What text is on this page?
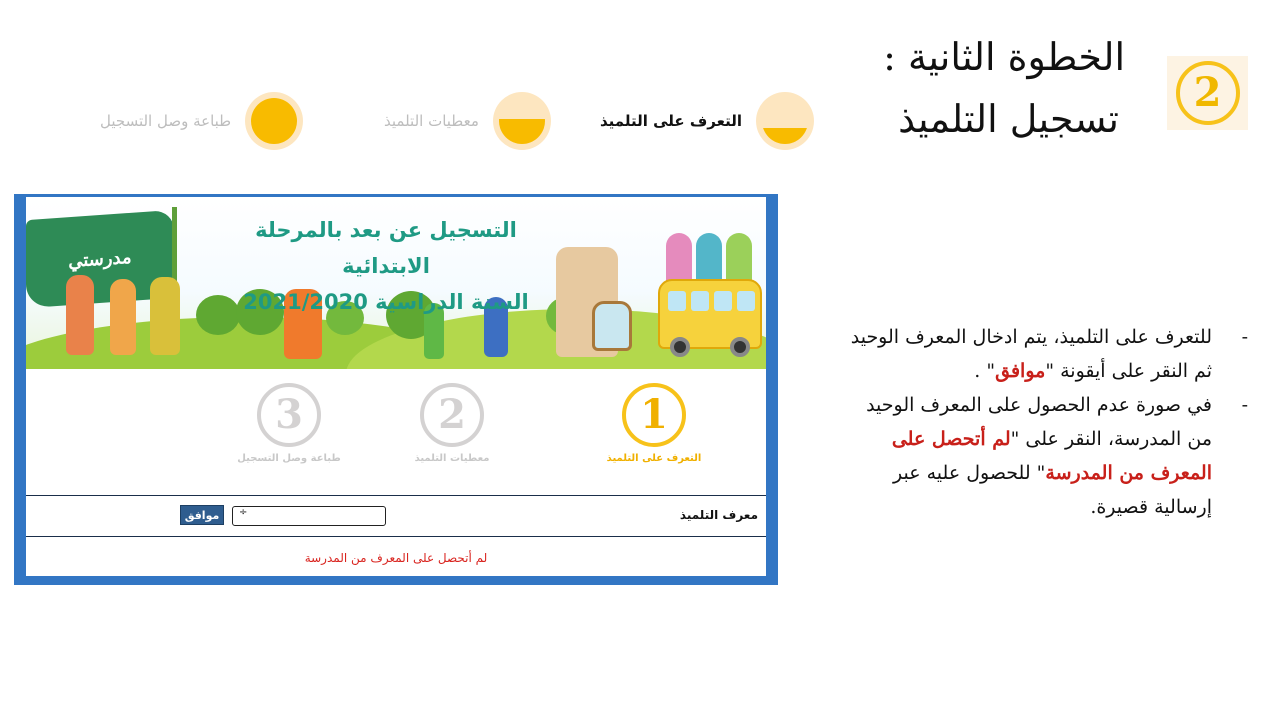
2
الخطوة الثانية :
تسجيل التلميذ
التعرف على التلميذ
معطيات التلميذ
طباعة وصل التسجيل
مدرستي
التسجيل عن بعد بالمرحلة الابتدائية
السنة الدراسية 2021/2020
1
التعرف على التلميذ
2
معطيات التلميذ
3
طباعة وصل التسجيل
معرف التلميذ
÷
موافق
لم أتحصل على المعرف من المدرسة
- للتعرف على التلميذ، يتم ادخال المعرف الوحيد ثم النقر على أيقونة "موافق" .
- في صورة عدم الحصول على المعرف الوحيد من المدرسة، النقر على "لم أتحصل على المعرف من المدرسة" للحصول عليه عبر إرسالية قصيرة.
